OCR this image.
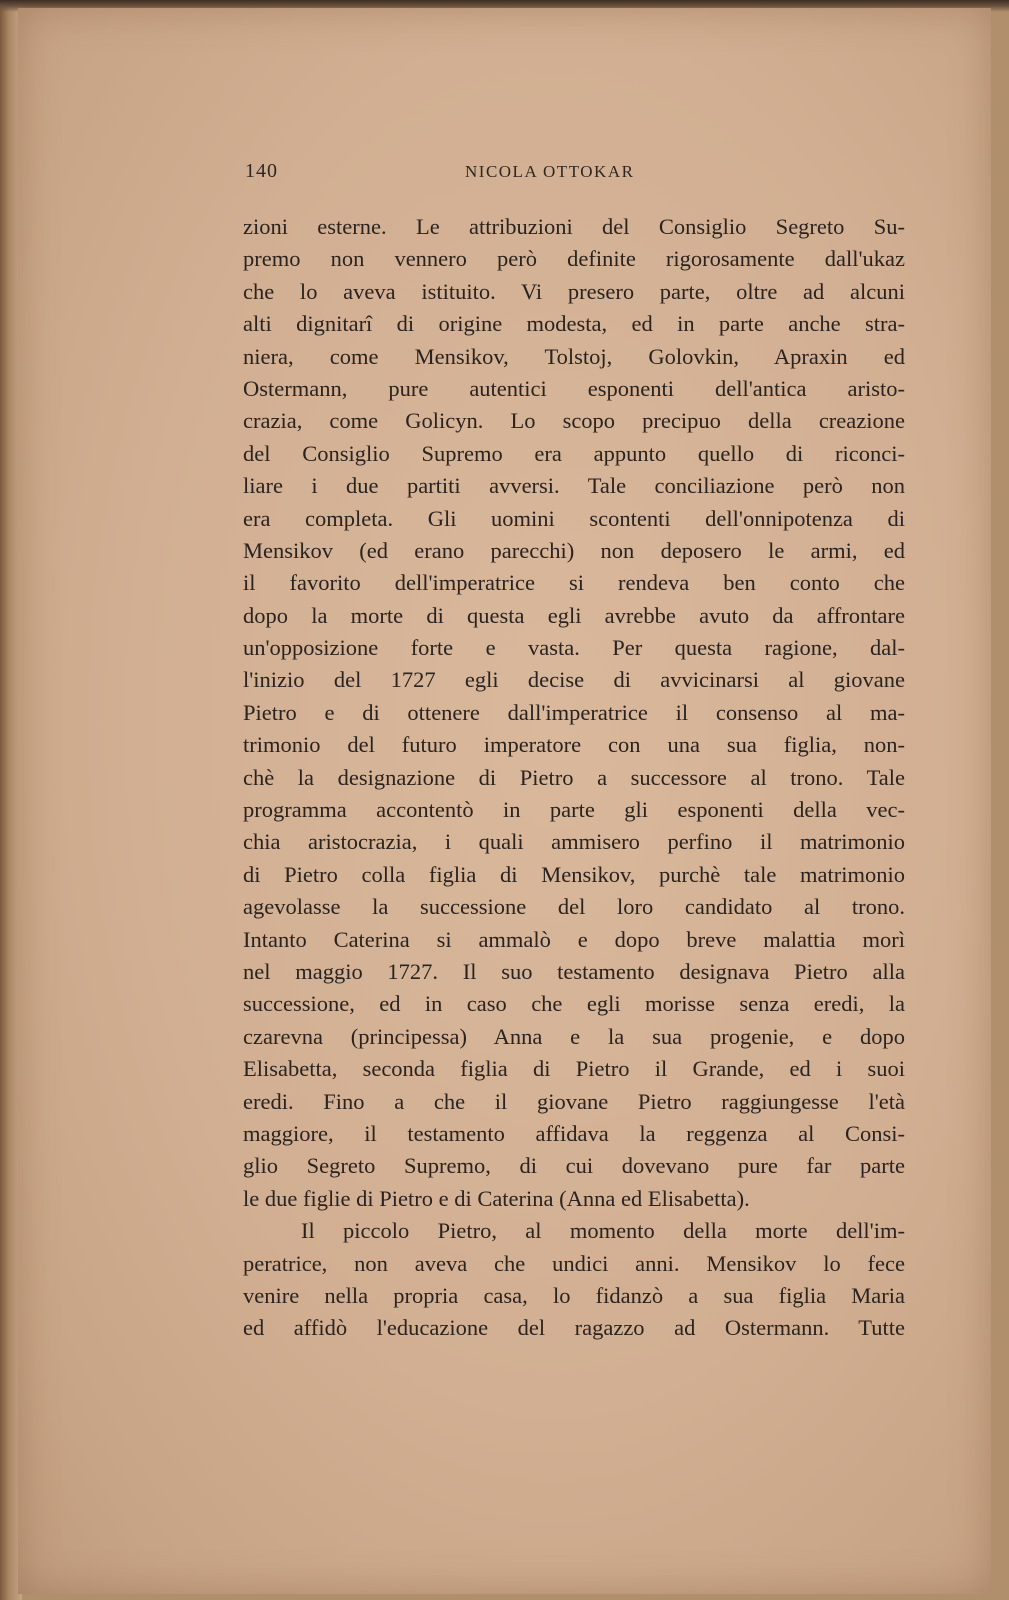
140	NICOLA OTTOKAR
zioni esterne. Le attribuzioni del Consiglio Segreto Su-
premo non vennero però definite rigorosamente dall'ukaz
che lo aveva istituito. Vi presero parte, oltre ad alcuni
alti dignitarî di origine modesta, ed in parte anche stra-
niera, come Mensikov, Tolstoj, Golovkin, Apraxin ed
Ostermann, pure autentici esponenti dell'antica aristo-
crazia, come Golicyn. Lo scopo precipuo della creazione
del Consiglio Supremo era appunto quello di riconci-
liare i due partiti avversi. Tale conciliazione però non
era completa. Gli uomini scontenti dell'onnipotenza di
Mensikov (ed erano parecchi) non deposero le armi, ed
il favorito dell'imperatrice si rendeva ben conto che
dopo la morte di questa egli avrebbe avuto da affrontare
un'opposizione forte e vasta. Per questa ragione, dal-
l'inizio del 1727 egli decise di avvicinarsi al giovane
Pietro e di ottenere dall'imperatrice il consenso al ma-
trimonio del futuro imperatore con una sua figlia, non-
chè la designazione di Pietro a successore al trono. Tale
programma accontentò in parte gli esponenti della vec-
chia aristocrazia, i quali ammisero perfino il matrimonio
di Pietro colla figlia di Mensikov, purchè tale matrimonio
agevolasse la successione del loro candidato al trono.
Intanto Caterina si ammalò e dopo breve malattia morì
nel maggio 1727. Il suo testamento designava Pietro alla
successione, ed in caso che egli morisse senza eredi, la
czarevna (principessa) Anna e la sua progenie, e dopo
Elisabetta, seconda figlia di Pietro il Grande, ed i suoi
eredi. Fino a che il giovane Pietro raggiungesse l'età
maggiore, il testamento affidava la reggenza al Consi-
glio Segreto Supremo, di cui dovevano pure far parte
le due figlie di Pietro e di Caterina (Anna ed Elisabetta).
Il piccolo Pietro, al momento della morte dell'im-
peratrice, non aveva che undici anni. Mensikov lo fece
venire nella propria casa, lo fidanzò a sua figlia Maria
ed affidò l'educazione del ragazzo ad Ostermann. Tutte
